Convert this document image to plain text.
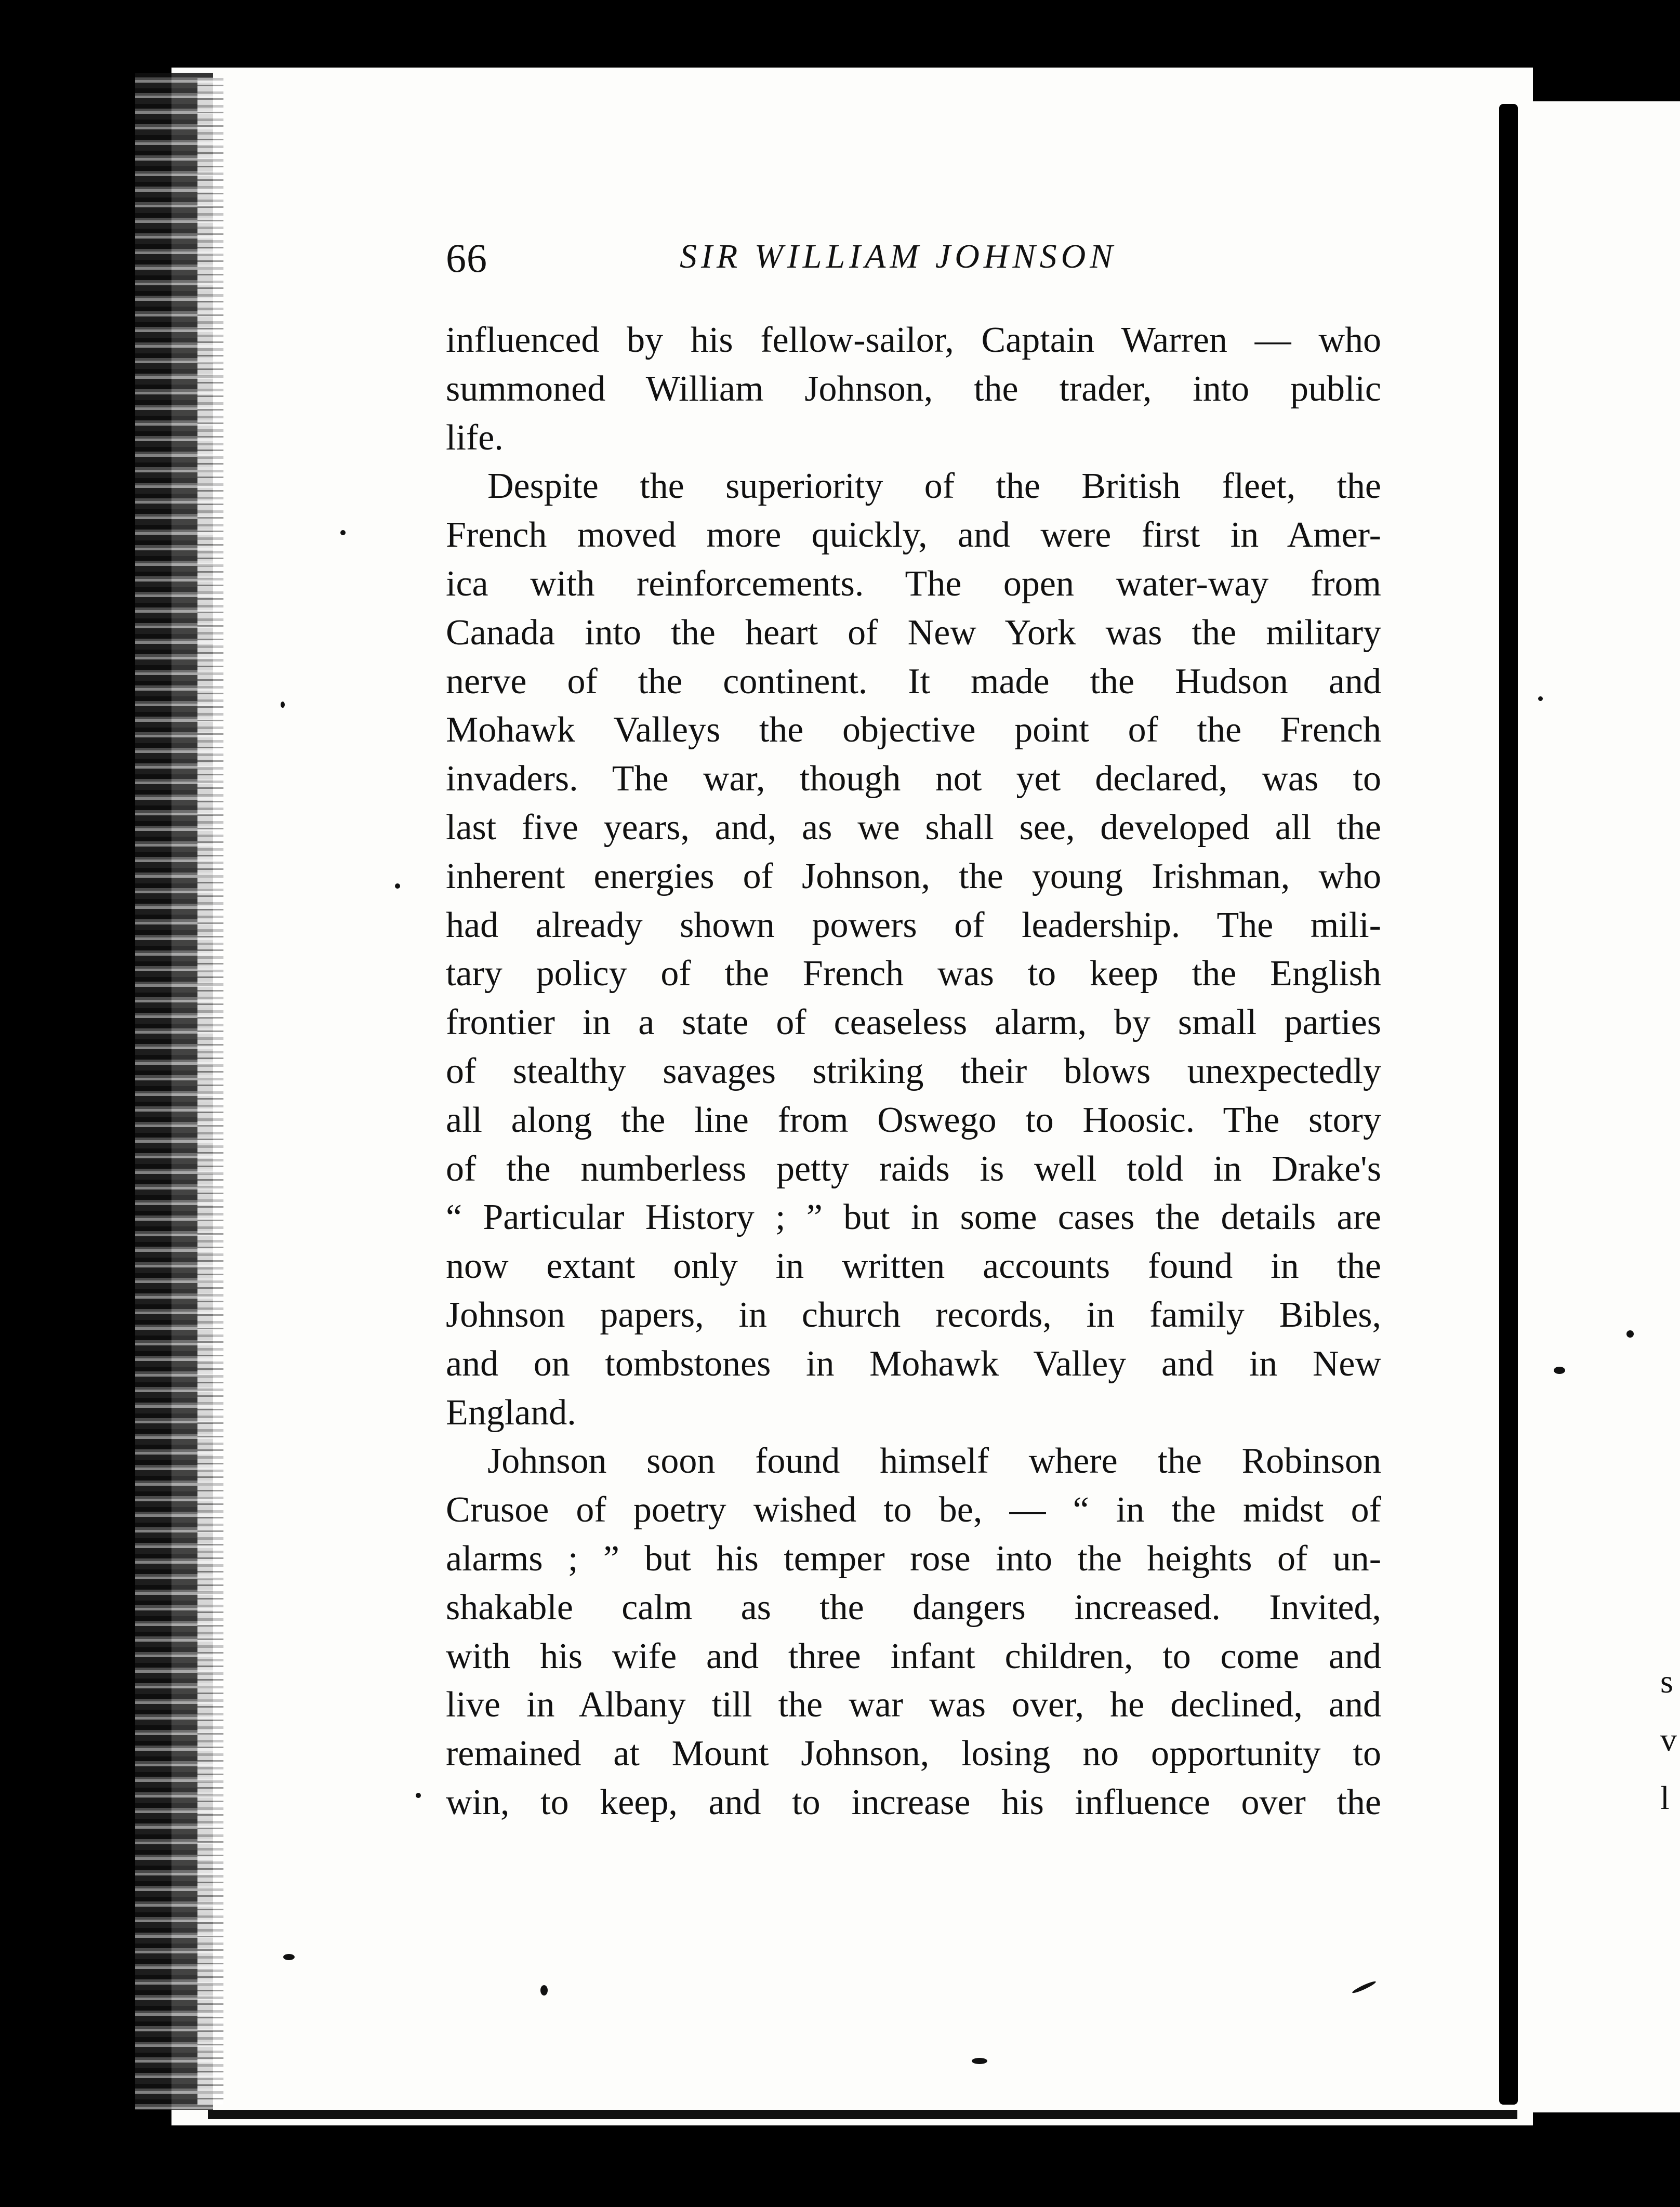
s
v
l
66	SIR WILLIAM JOHNSON
influenced by his fellow-sailor, Captain Warren — who
summoned William Johnson, the trader, into public
life.
Despite the superiority of the British fleet, the
French moved more quickly, and were first in Amer-
ica with reinforcements. The open water-way from
Canada into the heart of New York was the military
nerve of the continent. It made the Hudson and
Mohawk Valleys the objective point of the French
invaders. The war, though not yet declared, was to
last five years, and, as we shall see, developed all the
inherent energies of Johnson, the young Irishman, who
had already shown powers of leadership. The mili-
tary policy of the French was to keep the English
frontier in a state of ceaseless alarm, by small parties
of stealthy savages striking their blows unexpectedly
all along the line from Oswego to Hoosic. The story
of the numberless petty raids is well told in Drake's
“ Particular History ; ” but in some cases the details are
now extant only in written accounts found in the
Johnson papers, in church records, in family Bibles,
and on tombstones in Mohawk Valley and in New
England.
Johnson soon found himself where the Robinson
Crusoe of poetry wished to be, — “ in the midst of
alarms ; ” but his temper rose into the heights of un-
shakable calm as the dangers increased. Invited,
with his wife and three infant children, to come and
live in Albany till the war was over, he declined, and
remained at Mount Johnson, losing no opportunity to
win, to keep, and to increase his influence over the
